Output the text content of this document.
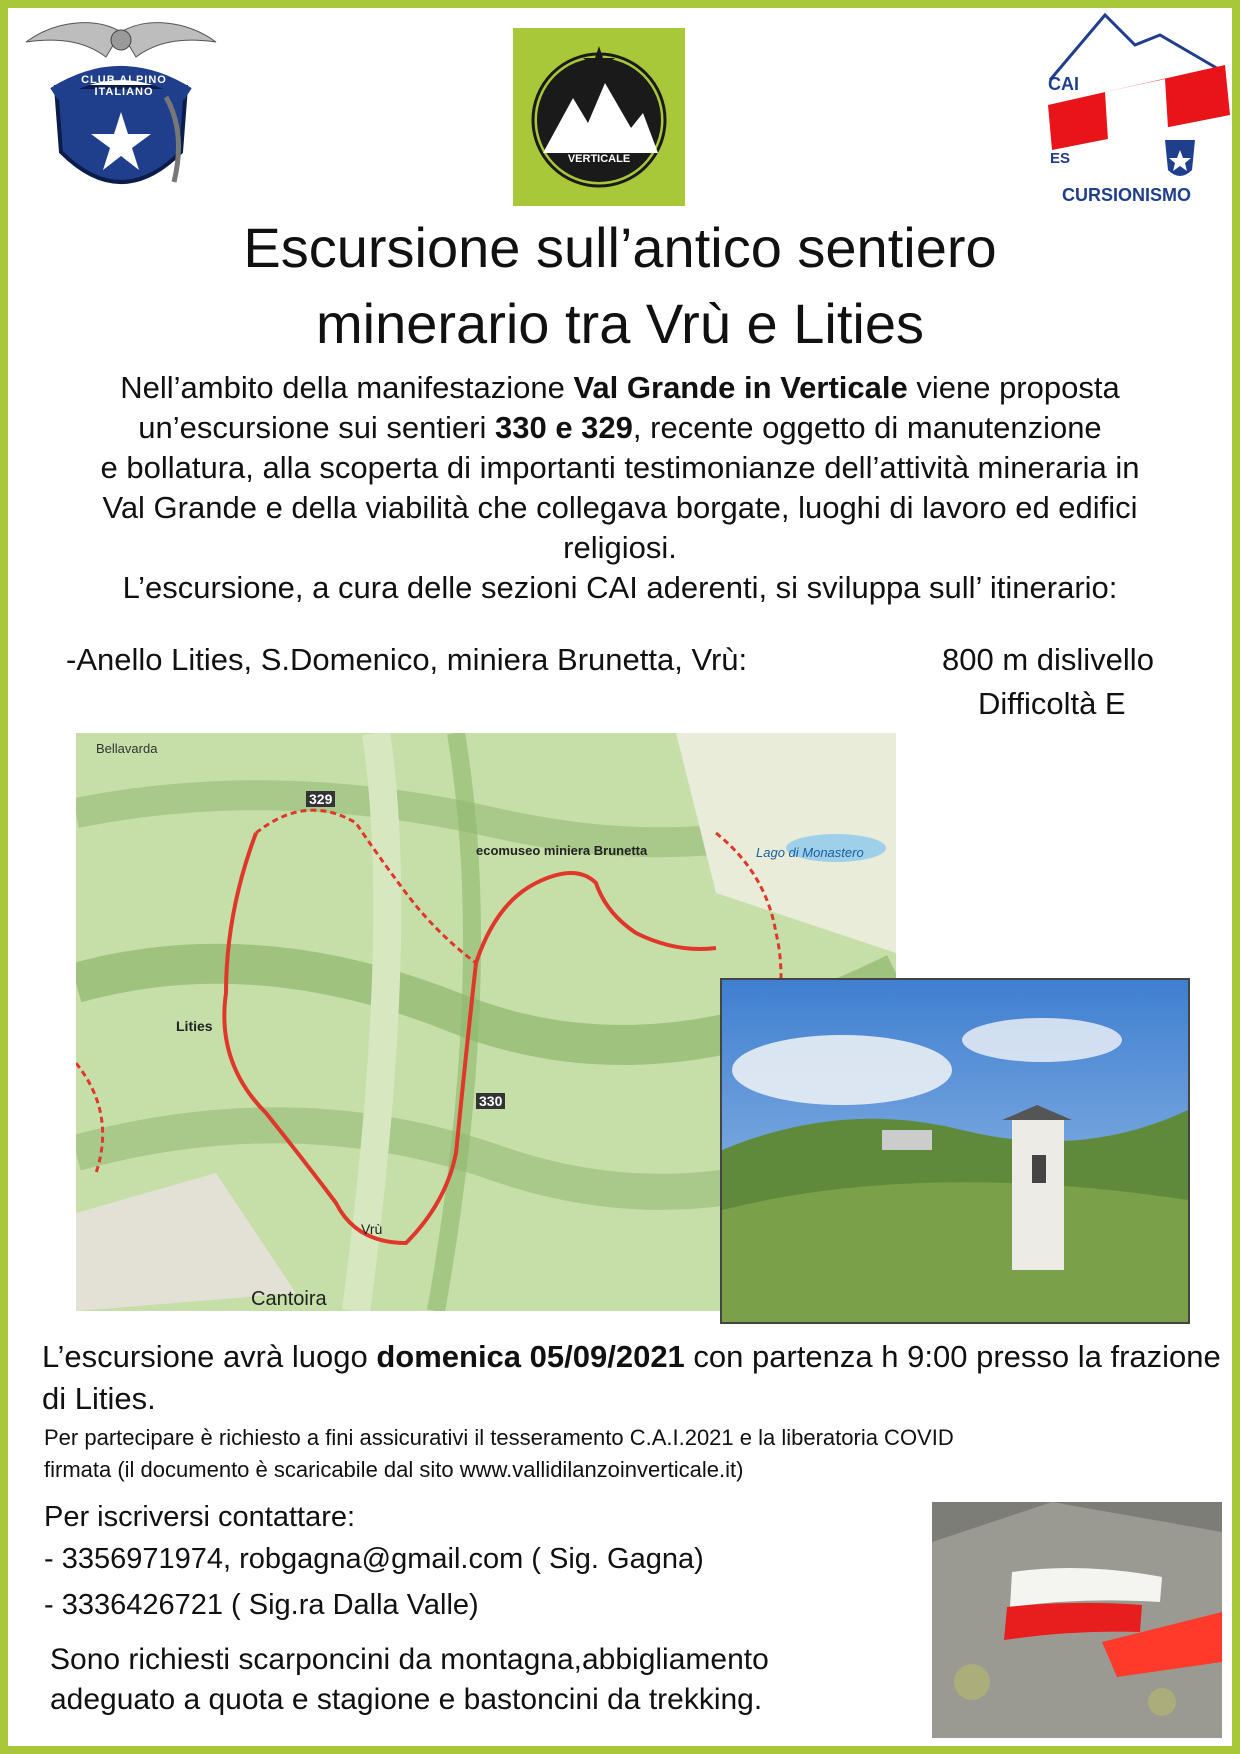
CLUB ALPINO ITALIANO
VALLI DI LANZO IN VERTICALE
CAI
ES
CURSIONISMO
Escursione sull’antico sentiero
minerario tra Vrù e Lities
Nell’ambito della manifestazione Val Grande in Verticale viene proposta
un’escursione sui sentieri 330 e 329, recente oggetto di manutenzione
e bollatura, alla scoperta di importanti testimonianze dell’attività mineraria in
Val Grande e della viabilità che collegava borgate, luoghi di lavoro ed edifici
religiosi.
L’escursione, a cura delle sezioni CAI aderenti, si sviluppa sull’ itinerario:
-Anello Lities, S.Domenico, miniera Brunetta, Vrù:	800 m dislivello
Difficoltà E
Bellavarda
ecomuseo miniera Brunetta
Lities
Vrù
Cantoira
Lago di Monastero
330
329
L’escursione avrà luogo domenica 05/09/2021 con partenza h 9:00 presso la frazione di Lities.
Per partecipare è richiesto a fini assicurativi il tesseramento C.A.I.2021 e la liberatoria COVID
firmata (il documento è scaricabile dal sito www.vallidilanzoinverticale.it)
Per iscriversi contattare:
- 3356971974, robgagna@gmail.com ( Sig. Gagna)
- 3336426721 ( Sig.ra Dalla Valle)
Sono richiesti scarponcini da montagna,abbigliamento
adeguato a quota e stagione e bastoncini da trekking.
